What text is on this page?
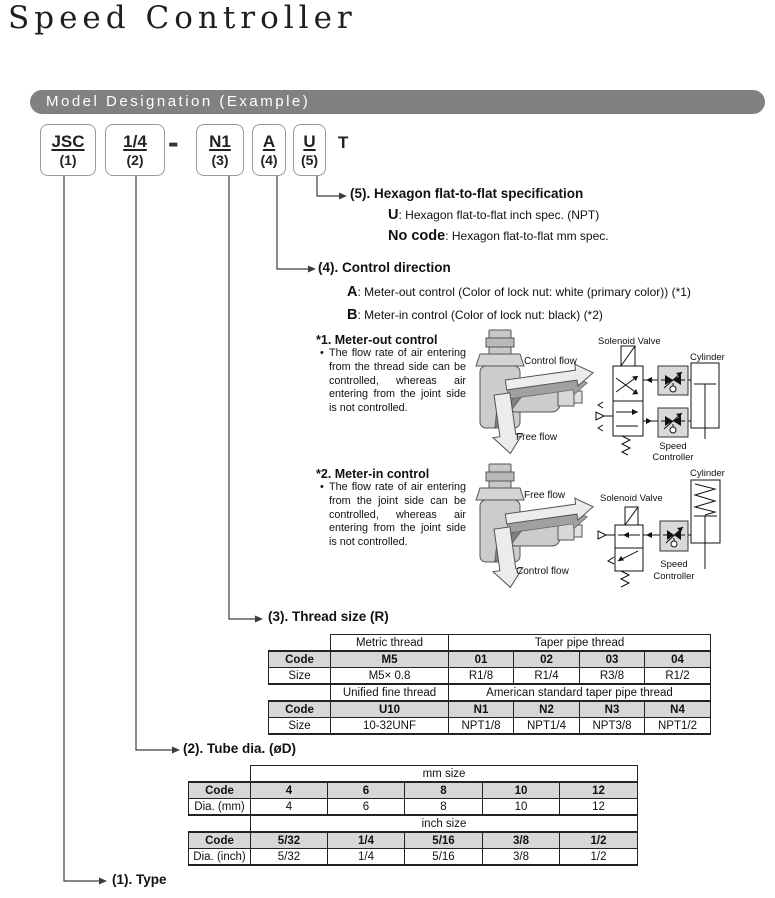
Speed Controller
Model Designation (Example)
JSC
(1)
1/4
(2) - N1
(3)
A
(4)
U
(5)
T
(5). Hexagon flat-to-flat specification
U: Hexagon flat-to-flat inch spec. (NPT)
No code: Hexagon flat-to-flat mm spec.
(4). Control direction
A: Meter-out control (Color of lock nut: white (primary color)) (*1)
B: Meter-in control (Color of lock nut: black) (*2)
*1. Meter-out control
• The flow rate of air entering from the thread side can be controlled, whereas air entering from the joint side is not controlled.
Control flow
Free flow
Solenoid Valve
Cylinder
Speed
Controller
*2. Meter-in control
• The flow rate of air entering from the joint side can be controlled, whereas air entering from the joint side is not controlled.
Free flow
Control flow
Cylinder
Solenoid Valve
Speed
Controller
(3). Thread size (R)
	Metric thread	Taper pipe thread			
Code	M5	01	02	03	04
Size	M5× 0.8	R1/8	R1/4	R3/8	R1/2
	Unified fine thread	American standard taper pipe thread			
Code	U10	N1	N2	N3	N4
Size	10-32UNF	NPT1/8	NPT1/4	NPT3/8	NPT1/2
(2). Tube dia. (øD)
	mm size				
Code	4	6	8	10	12
Dia. (mm)	4	6	8	10	12
	inch size				
Code	5/32	1/4	5/16	3/8	1/2
Dia. (inch)	5/32	1/4	5/16	3/8	1/2
(1). Type
